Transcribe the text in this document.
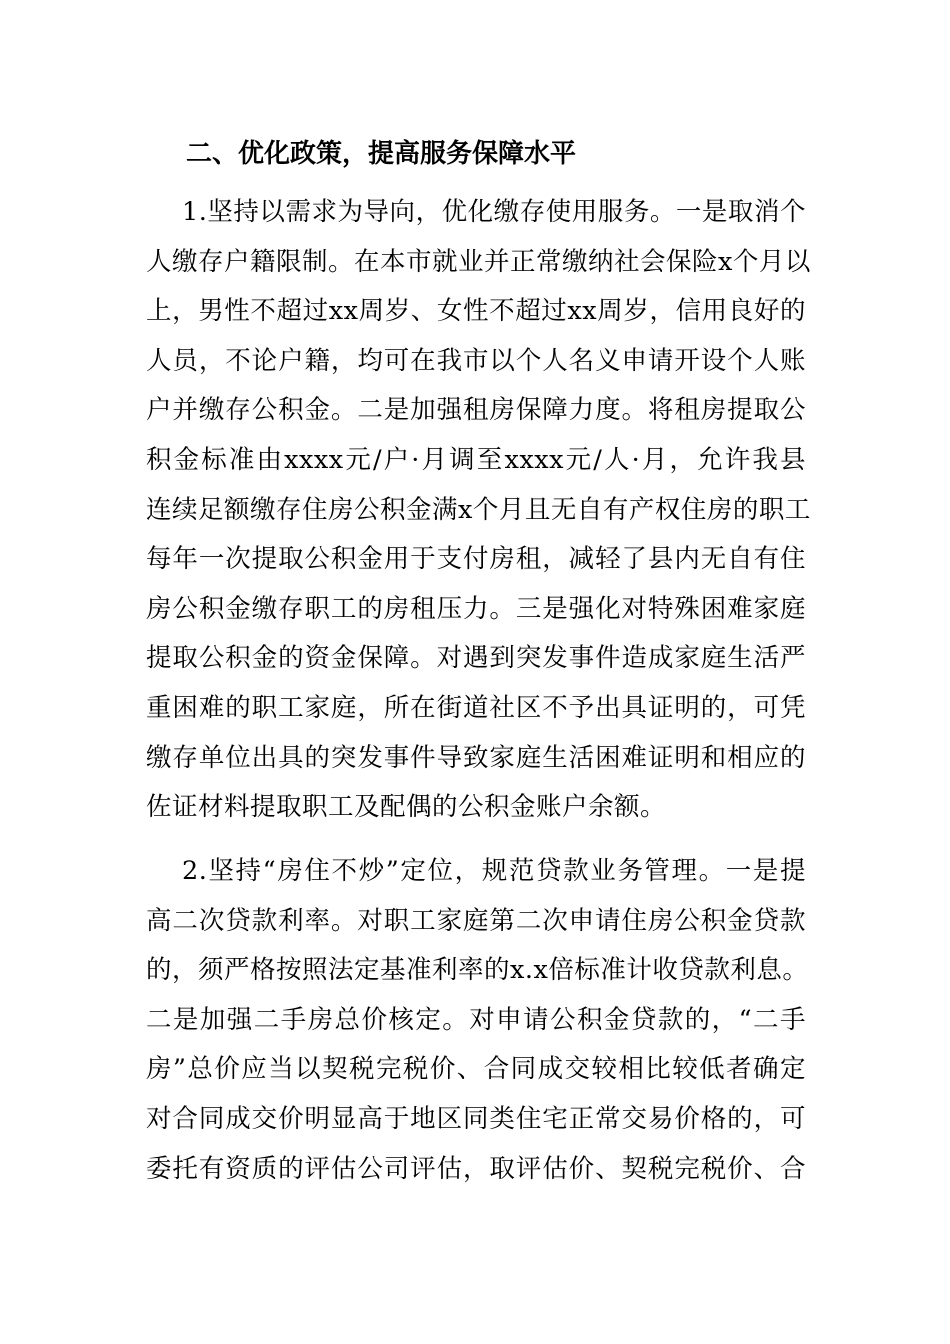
二、优化政策，提高服务保障水平
1.坚持以需求为导向，优化缴存使用服务。一是取消个
人缴存户籍限制。在本市就业并正常缴纳社会保险x个月以
上，男性不超过xx周岁、女性不超过xx周岁，信用良好的
人员，不论户籍，均可在我市以个人名义申请开设个人账
户并缴存公积金。二是加强租房保障力度。将租房提取公
积金标准由xxxx元/户·月调至xxxx元/人·月，允许我县
连续足额缴存住房公积金满x个月且无自有产权住房的职工
每年一次提取公积金用于支付房租，减轻了县内无自有住
房公积金缴存职工的房租压力。三是强化对特殊困难家庭
提取公积金的资金保障。对遇到突发事件造成家庭生活严
重困难的职工家庭，所在街道社区不予出具证明的，可凭
缴存单位出具的突发事件导致家庭生活困难证明和相应的
佐证材料提取职工及配偶的公积金账户余额。
2.坚持“房住不炒”定位，规范贷款业务管理。一是提
高二次贷款利率。对职工家庭第二次申请住房公积金贷款
的，须严格按照法定基准利率的x.x倍标准计收贷款利息。
二是加强二手房总价核定。对申请公积金贷款的，“二手
房”总价应当以契税完税价、合同成交较相比较低者确定
对合同成交价明显高于地区同类住宅正常交易价格的，可
委托有资质的评估公司评估，取评估价、契税完税价、合
